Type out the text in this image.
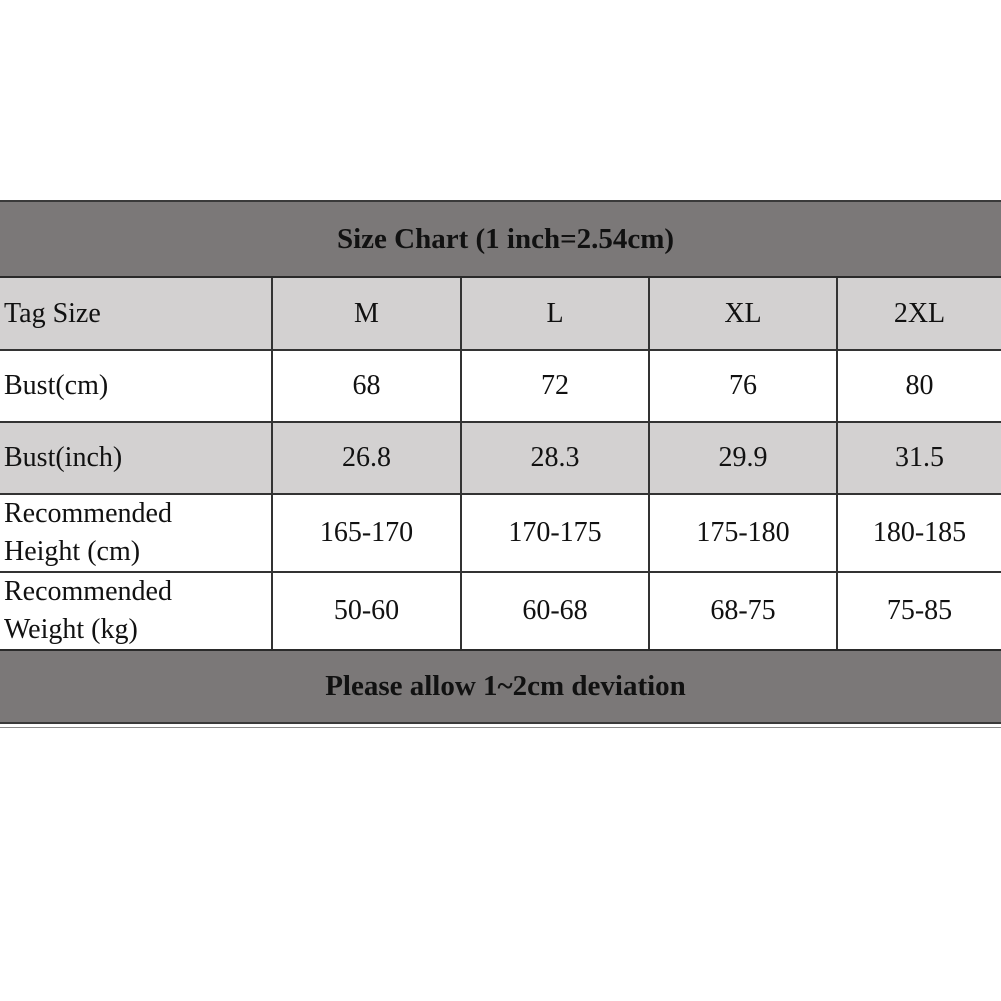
Size Chart (1 inch=2.54cm)
Tag Size	M	L	XL	2XL

Bust(cm)	68	72	76	80

Bust(inch)	26.8	28.3	29.9	31.5

Recommended
Height (cm)	165-170	170-175	175-180	180-185

Recommended
Weight (kg)	50-60	60-68	68-75	75-85
Please allow 1~2cm deviation
